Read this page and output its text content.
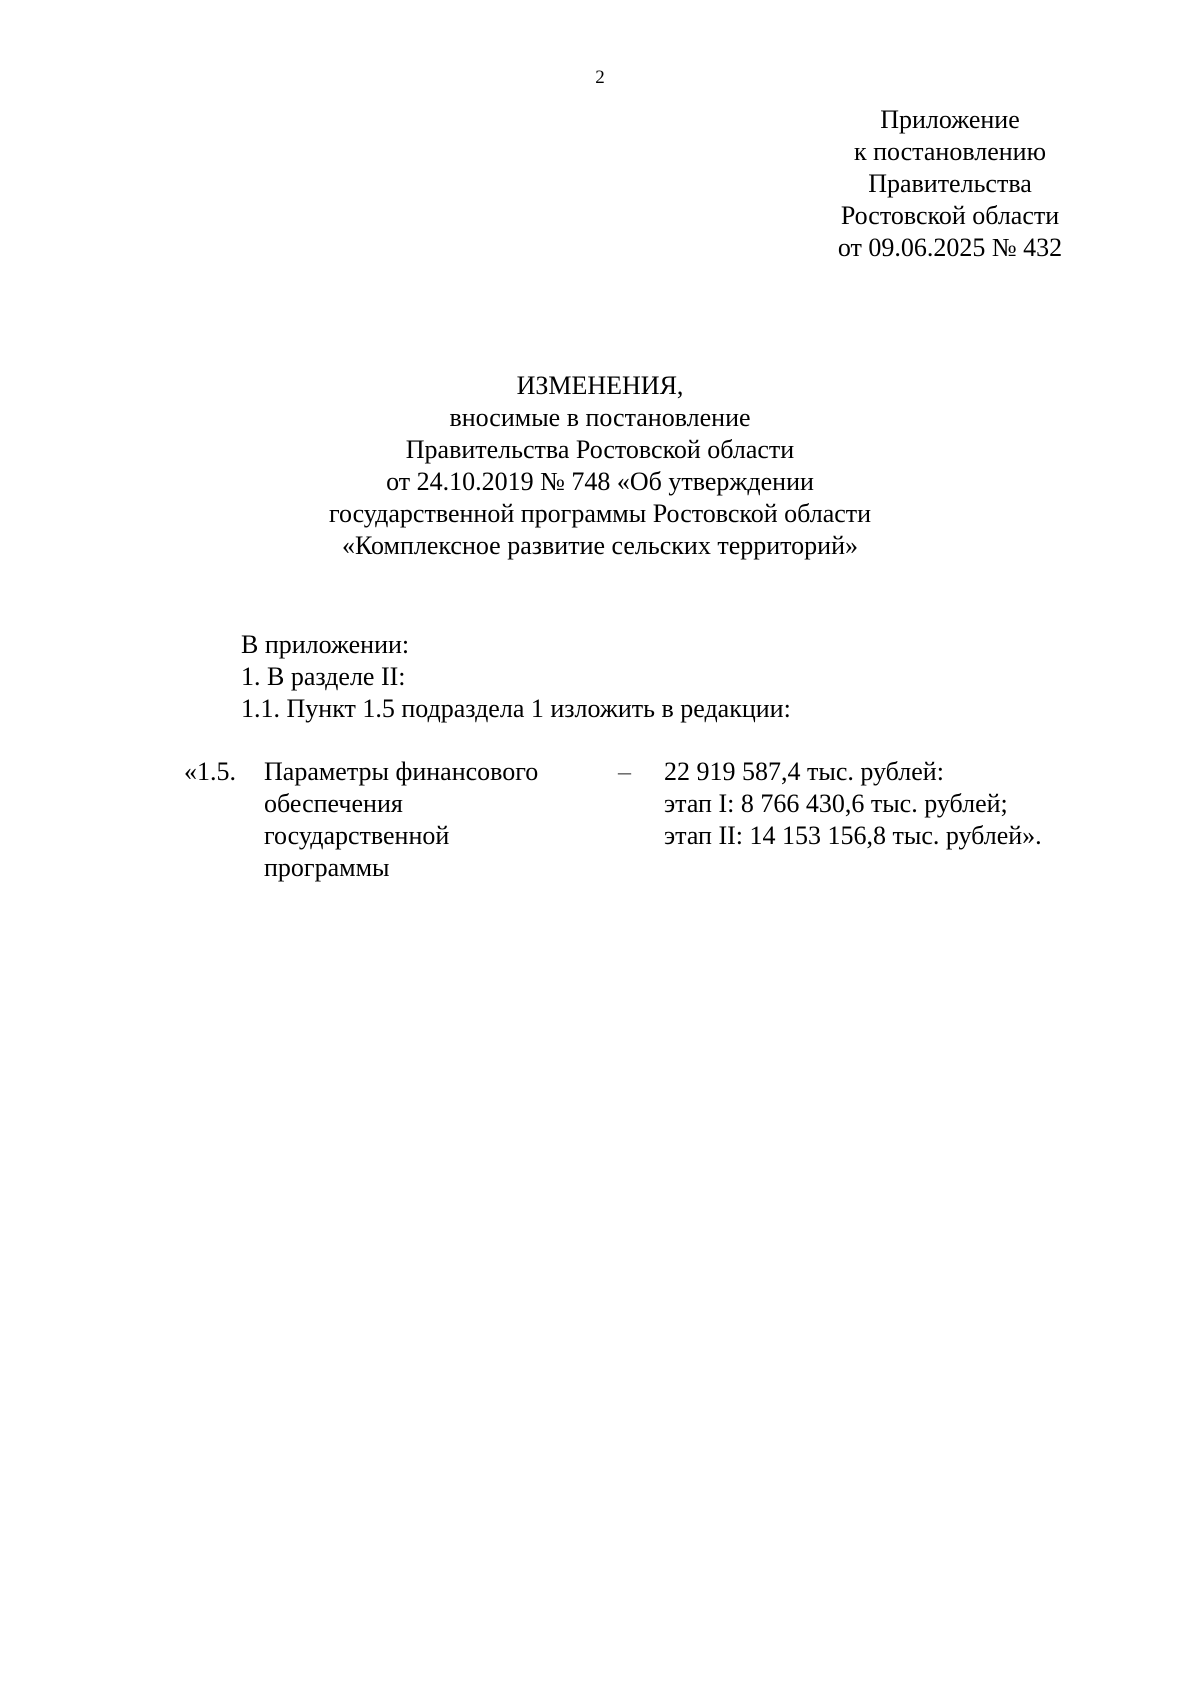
2
Приложение
к постановлению
Правительства
Ростовской области
от 09.06.2025 № 432
ИЗМЕНЕНИЯ,
вносимые в постановление
Правительства Ростовской области
от 24.10.2019 № 748 «Об утверждении
государственной программы Ростовской области
«Комплексное развитие сельских территорий»
В приложении:
1. В разделе II:
1.1. Пункт 1.5 подраздела 1 изложить в редакции:
«1.5.	Параметры финансового
обеспечения
государственной
программы
–	22 919 587,4 тыс. рублей:
этап I: 8 766 430,6 тыс. рублей;
этап II: 14 153 156,8 тыс. рублей».
